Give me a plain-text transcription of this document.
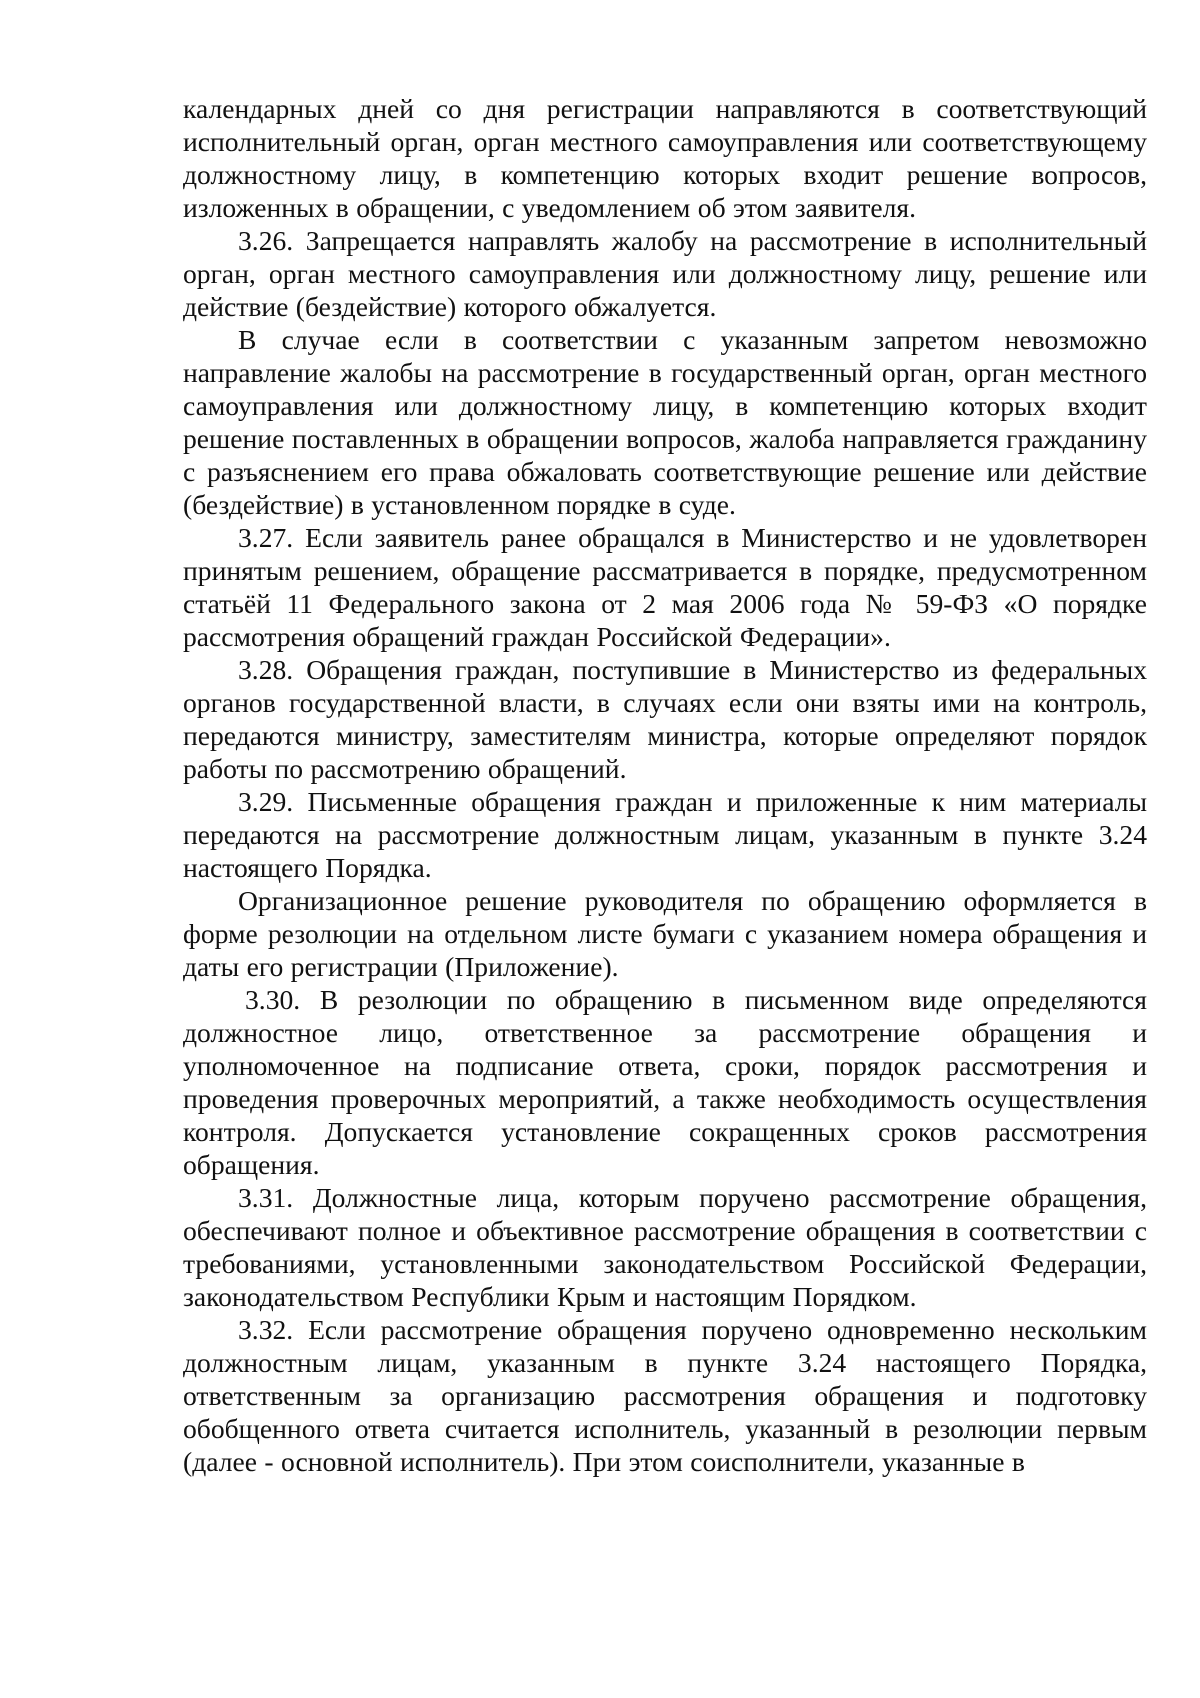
календарных дней со дня регистрации направляются в соответствующий исполнительный орган, орган местного самоуправления или соответствующему должностному лицу, в компетенцию которых входит решение вопросов, изложенных в обращении, с уведомлением об этом заявителя.

3.26. Запрещается направлять жалобу на рассмотрение в исполнительный орган, орган местного самоуправления или должностному лицу, решение или действие (бездействие) которого обжалуется.

В случае если в соответствии с указанным запретом невозможно направление жалобы на рассмотрение в государственный орган, орган местного самоуправления или должностному лицу, в компетенцию которых входит решение поставленных в обращении вопросов, жалоба направляется гражданину с разъяснением его права обжаловать соответствующие решение или действие (бездействие) в установленном порядке в суде.

3.27. Если заявитель ранее обращался в Министерство и не удовлетворен принятым решением, обращение рассматривается в порядке, предусмотренном статьёй 11 Федерального закона от 2 мая 2006 года № 59-ФЗ «О порядке рассмотрения обращений граждан Российской Федерации».

3.28. Обращения граждан, поступившие в Министерство из федеральных органов государственной власти, в случаях если они взяты ими на контроль, передаются министру, заместителям министра, которые определяют порядок работы по рассмотрению обращений.

3.29. Письменные обращения граждан и приложенные к ним материалы передаются на рассмотрение должностным лицам, указанным в пункте 3.24 настоящего Порядка.

Организационное решение руководителя по обращению оформляется в форме резолюции на отдельном листе бумаги с указанием номера обращения и даты его регистрации (Приложение).

3.30. В резолюции по обращению в письменном виде определяются должностное лицо, ответственное за рассмотрение обращения и уполномоченное на подписание ответа, сроки, порядок рассмотрения и проведения проверочных мероприятий, а также необходимость осуществления контроля. Допускается установление сокращенных сроков рассмотрения обращения.

3.31. Должностные лица, которым поручено рассмотрение обращения, обеспечивают полное и объективное рассмотрение обращения в соответствии с требованиями, установленными законодательством Российской Федерации, законодательством Республики Крым и настоящим Порядком.

3.32. Если рассмотрение обращения поручено одновременно нескольким должностным лицам, указанным в пункте 3.24 настоящего Порядка, ответственным за организацию рассмотрения обращения и подготовку обобщенного ответа считается исполнитель, указанный в резолюции первым (далее - основной исполнитель). При этом соисполнители, указанные в
